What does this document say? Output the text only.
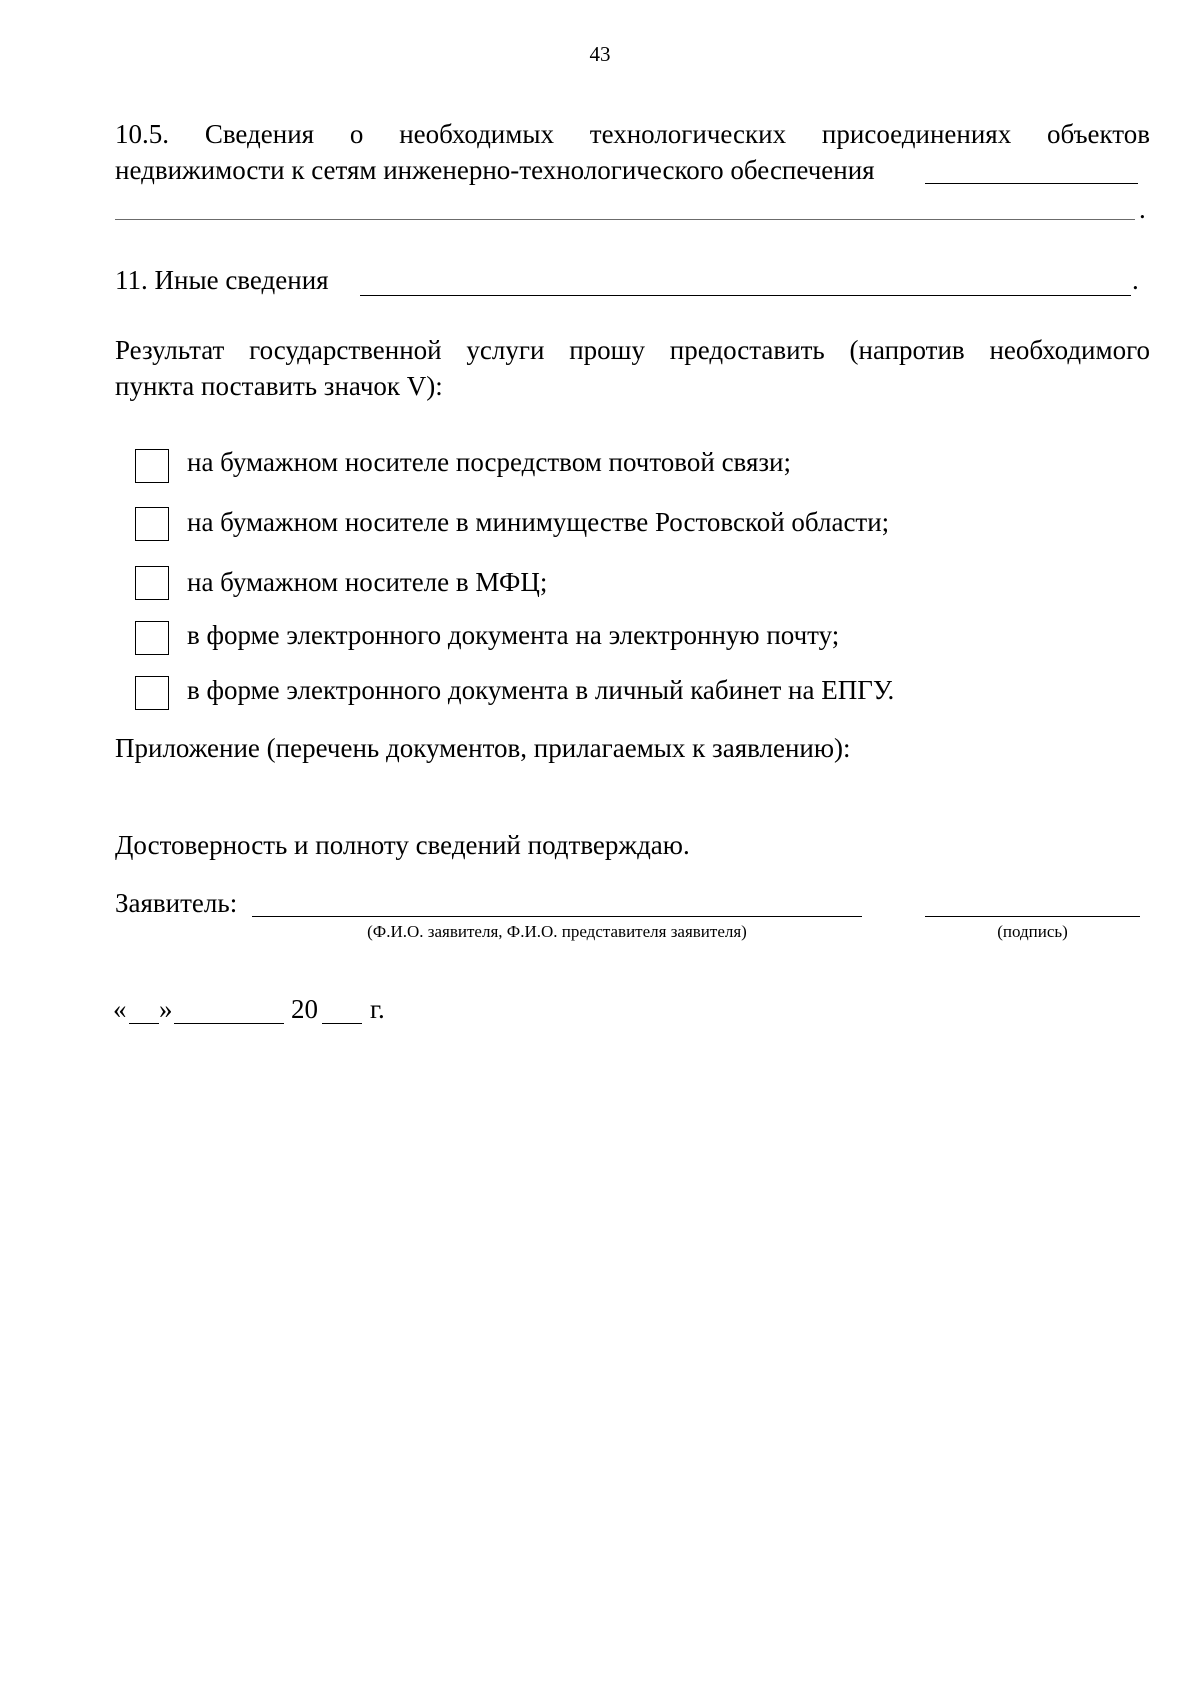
43
10.5. Сведения о необходимых технологических присоединениях объектов
недвижимости к сетям инженерно-технологического обеспечения
.
11. Иные сведения	.
Результат государственной услуги прошу предоставить (напротив необходимого
пункта поставить значок V):
на бумажном носителе посредством почтовой связи;
на бумажном носителе в минимуществе Ростовской области;
на бумажном носителе в МФЦ;
в форме электронного документа на электронную почту;
в форме электронного документа в личный кабинет на ЕПГУ.
Приложение (перечень документов, прилагаемых к заявлению):
Достоверность и полноту сведений подтверждаю.
Заявитель:
(Ф.И.О. заявителя, Ф.И.О. представителя заявителя)	(подпись)
« »	20 г.
